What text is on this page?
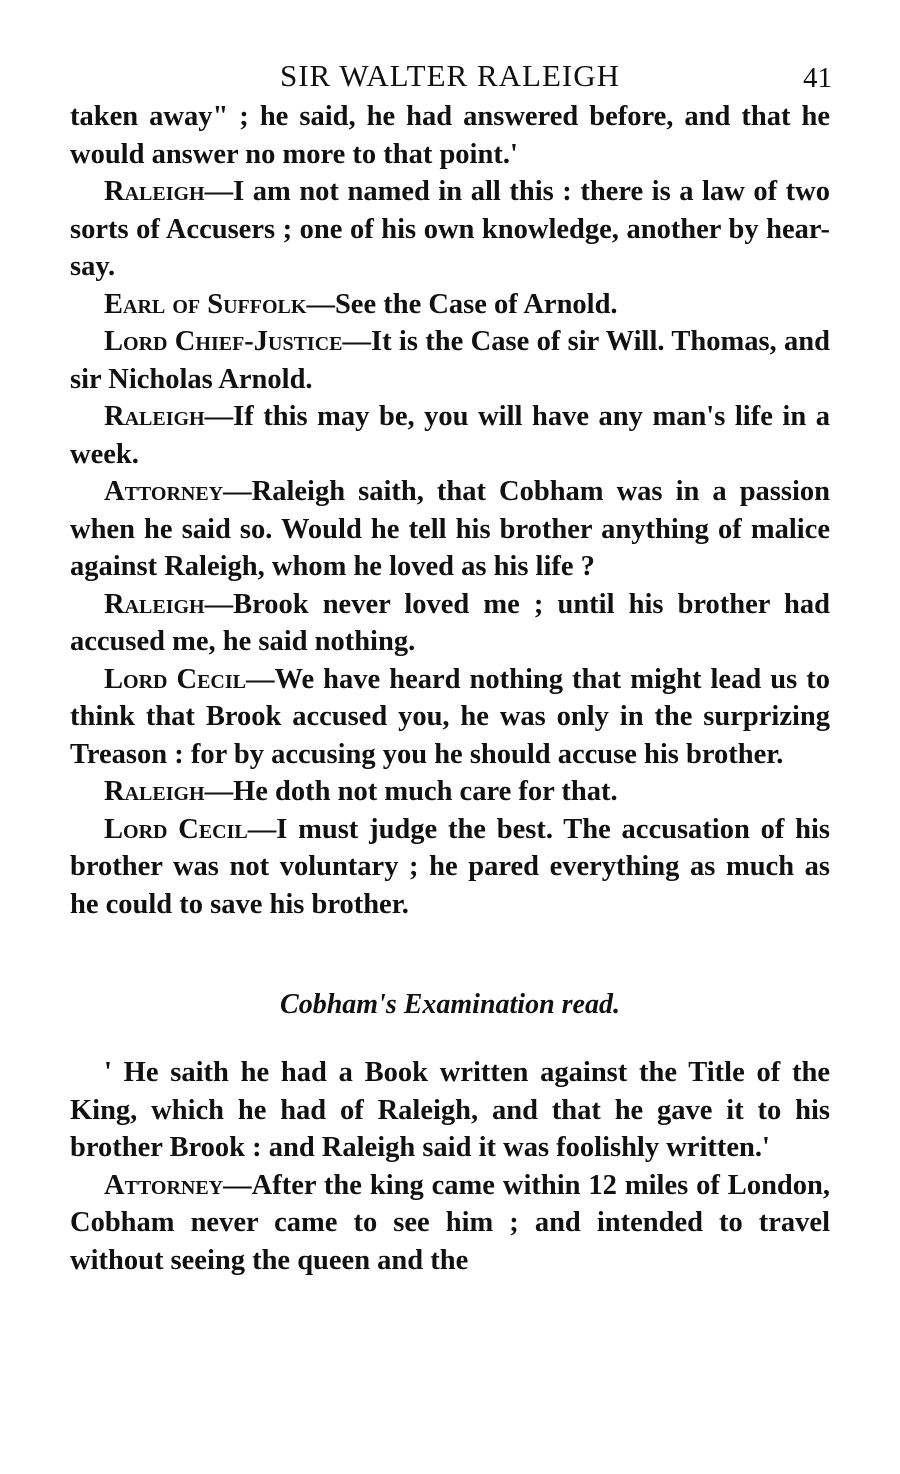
SIR WALTER RALEIGH	41

taken away" ; he said, he had answered before, and that he would answer no more to that point.'

Raleigh—I am not named in all this : there is a law of two sorts of Accusers ; one of his own knowledge, another by hear-say.

Earl of Suffolk—See the Case of Arnold.

Lord Chief-Justice—It is the Case of sir Will. Thomas, and sir Nicholas Arnold.

Raleigh—If this may be, you will have any man's life in a week.

Attorney—Raleigh saith, that Cobham was in a passion when he said so. Would he tell his brother anything of malice against Raleigh, whom he loved as his life ?

Raleigh—Brook never loved me ; until his brother had accused me, he said nothing.

Lord Cecil—We have heard nothing that might lead us to think that Brook accused you, he was only in the surprizing Treason : for by accusing you he should accuse his brother.

Raleigh—He doth not much care for that.

Lord Cecil—I must judge the best. The accusation of his brother was not voluntary ; he pared everything as much as he could to save his brother.

Cobham's Examination read.

' He saith he had a Book written against the Title of the King, which he had of Raleigh, and that he gave it to his brother Brook : and Raleigh said it was foolishly written.'

Attorney—After the king came within 12 miles of London, Cobham never came to see him ; and intended to travel without seeing the queen and the
